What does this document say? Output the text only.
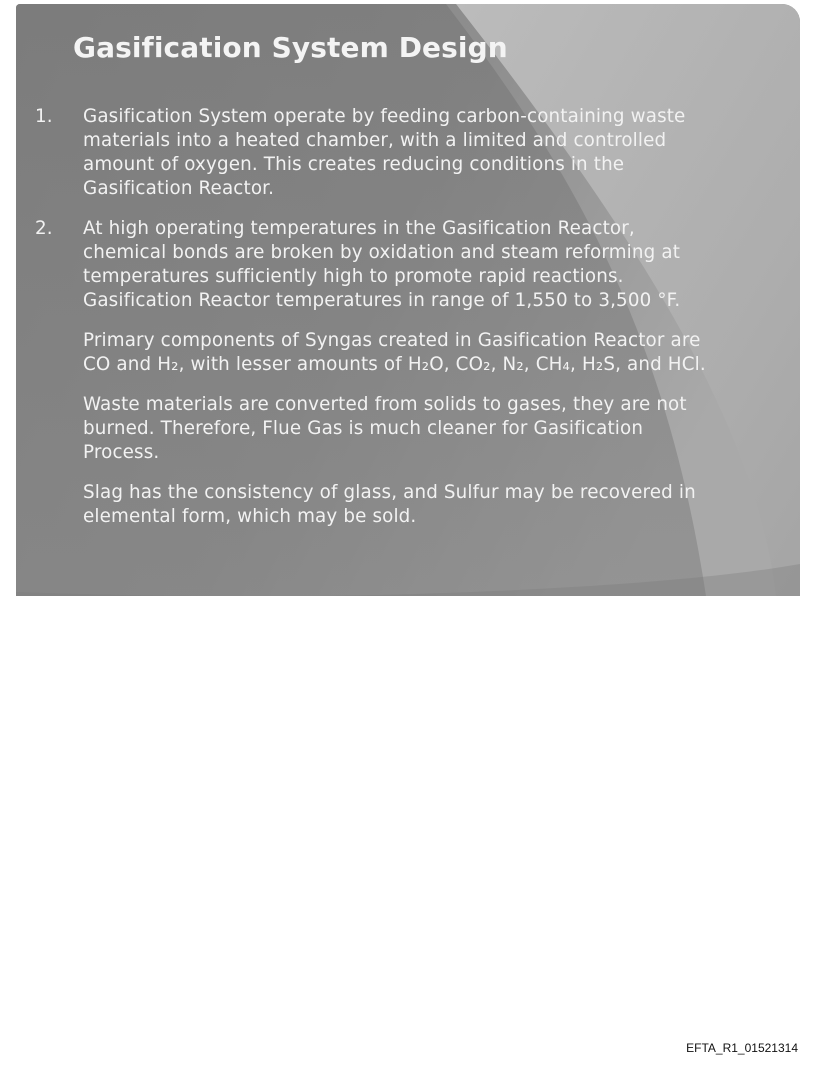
Gasification System Design

1. Gasification System operate by feeding carbon-containing waste
materials into a heated chamber, with a limited and controlled
amount of oxygen. This creates reducing conditions in the
Gasification Reactor.

2. At high operating temperatures in the Gasification Reactor,
chemical bonds are broken by oxidation and steam reforming at
temperatures sufficiently high to promote rapid reactions.
Gasification Reactor temperatures in range of 1,550 to 3,500 °F.

Primary components of Syngas created in Gasification Reactor are
CO and H₂, with lesser amounts of H₂O, CO₂, N₂, CH₄, H₂S, and HCl.

Waste materials are converted from solids to gases, they are not
burned. Therefore, Flue Gas is much cleaner for Gasification
Process.

Slag has the consistency of glass, and Sulfur may be recovered in
elemental form, which may be sold.

EFTA_R1_01521314
